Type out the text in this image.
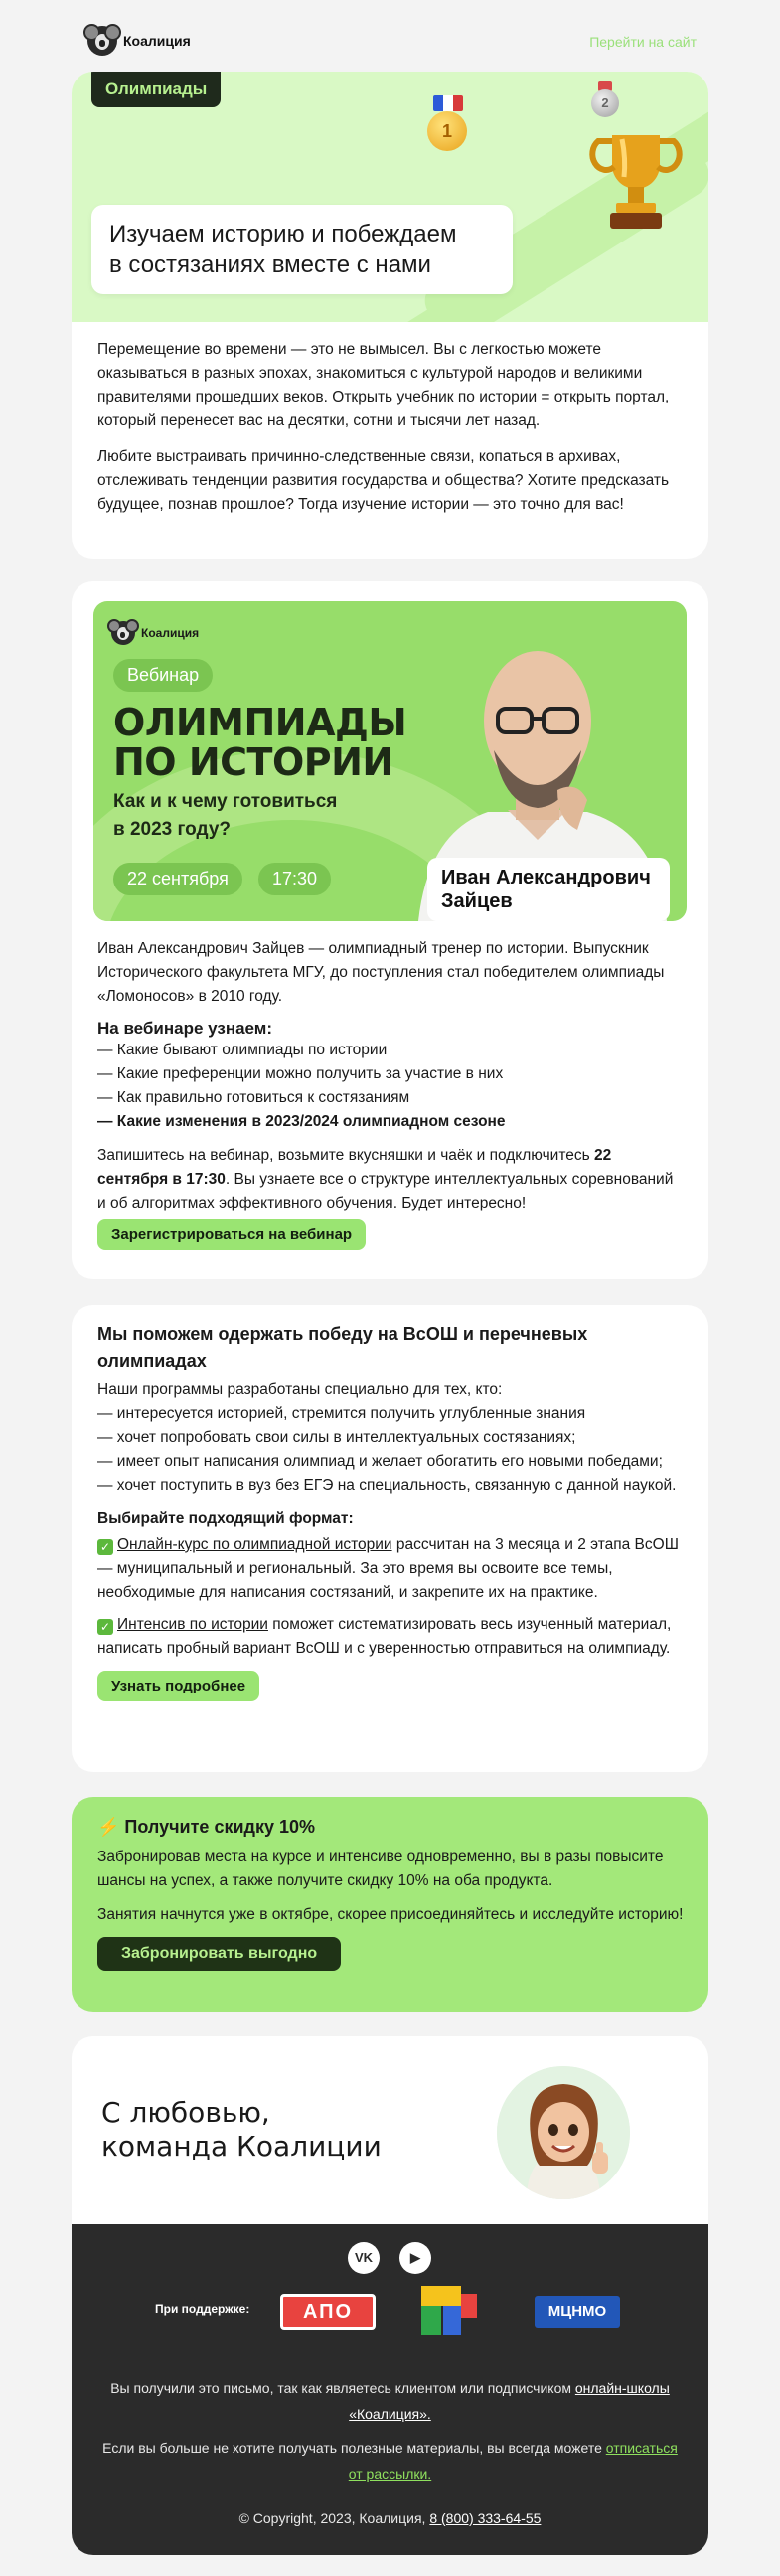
Коалиция	Перейти на сайт
Олимпиады
1
2
Изучаем историю и побеждаем
в состязаниях вместе с нами

Перемещение во времени — это не вымысел. Вы с легкостью можете оказываться в разных эпохах, знакомиться с культурой народов и великими правителями прошедших веков. Открыть учебник по истории = открыть портал, который перенесет вас на десятки, сотни и тысячи лет назад.

Любите выстраивать причинно-следственные связи, копаться в архивах, отслеживать тенденции развития государства и общества? Хотите предсказать будущее, познав прошлое? Тогда изучение истории — это точно для вас!

Коалиция
Вебинар
ОЛИМПИАДЫ
ПО ИСТОРИИ
Как и к чему готовиться
в 2023 году?
22 сентября	17:30	Иван Александрович
Зайцев

Иван Александрович Зайцев — олимпиадный тренер по истории. Выпускник Исторического факультета МГУ, до поступления стал победителем олимпиады «Ломоносов» в 2010 году.

На вебинаре узнаем:
— Какие бывают олимпиады по истории
— Какие преференции можно получить за участие в них
— Как правильно готовиться к состязаниям
— Какие изменения в 2023/2024 олимпиадном сезоне

Запишитесь на вебинар, возьмите вкусняшки и чаёк и подключитесь 22 сентября в 17:30. Вы узнаете все о структуре интеллектуальных соревнований и об алгоритмах эффективного обучения. Будет интересно!

Зарегистрироваться на вебинар
Мы поможем одержать победу на ВсОШ и перечневых олимпиадах

Наши программы разработаны специально для тех, кто:

— интересуется историей, стремится получить углубленные знания

— хочет попробовать свои силы в интеллектуальных состязаниях;

— имеет опыт написания олимпиад и желает обогатить его новыми победами;

— хочет поступить в вуз без ЕГЭ на специальность, связанную с данной наукой.

Выбирайте подходящий формат:

✓ Онлайн-курс по олимпиадной истории рассчитан на 3 месяца и 2 этапа ВсОШ — муниципальный и региональный. За это время вы освоите все темы, необходимые для написания состязаний, и закрепите их на практике.

✓ Интенсив по истории поможет систематизировать весь изученный материал, написать пробный вариант ВсОШ и с уверенностью отправиться на олимпиаду.

Узнать подробнее
⚡ Получите скидку 10%

Забронировав места на курсе и интенсиве одновременно, вы в разы повысите шансы на успех, а также получите скидку 10% на оба продукта.

Занятия начнутся уже в октябре, скорее присоединяйтесь и исследуйте историю!

Забронировать выгодно
С любовью,
команда Коалиции
VK	▶
При поддержке:	АПО	МЦНМО

Вы получили это письмо, так как являетесь клиентом или подписчиком онлайн-школы «Коалиция».

Если вы больше не хотите получать полезные материалы, вы всегда можете отписаться от рассылки.

© Copyright, 2023, Коалиция, 8 (800) 333-64-55
